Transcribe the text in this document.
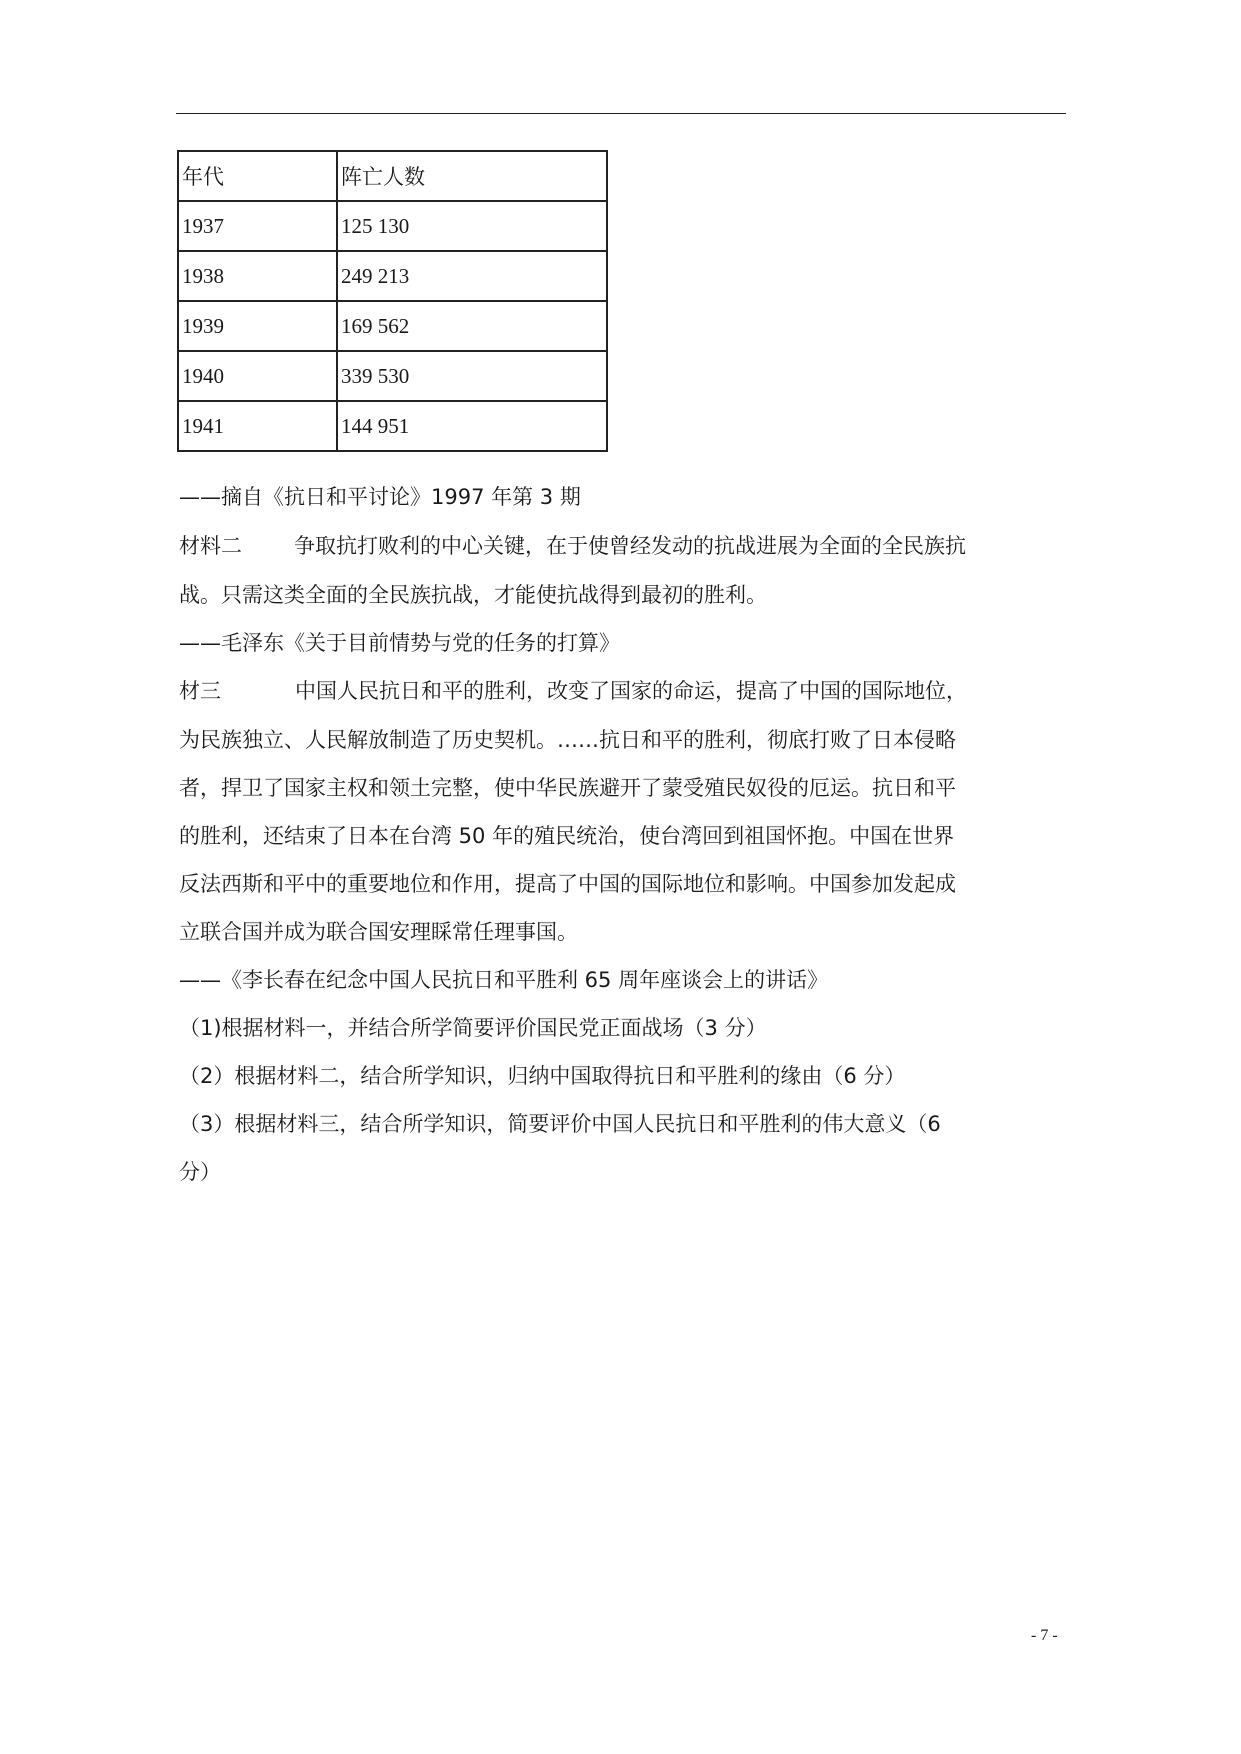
年代	阵亡人数
1937	125 130
1938	249 213
1939	169 562
1940	339 530
1941	144 951
——摘自《抗日和平讨论》1997 年第 3 期
材料二 争取抗打败利的中心关键，在于使曾经发动的抗战进展为全面的全民族抗
战。只需这类全面的全民族抗战，才能使抗战得到最初的胜利。
——毛泽东《关于目前情势与党的任务的打算》
材三	中国人民抗日和平的胜利，改变了国家的命运，提高了中国的国际地位，
为民族独立、人民解放制造了历史契机。……抗日和平的胜利，彻底打败了日本侵略
者，捍卫了国家主权和领土完整，使中华民族避开了蒙受殖民奴役的厄运。抗日和平
的胜利，还结束了日本在台湾 50 年的殖民统治，使台湾回到祖国怀抱。中国在世界
反法西斯和平中的重要地位和作用，提高了中国的国际地位和影响。中国参加发起成
立联合国并成为联合国安理睬常任理事国。
——《李长春在纪念中国人民抗日和平胜利 65 周年座谈会上的讲话》
（1)根据材料一，并结合所学简要评价国民党正面战场（3 分）
（2）根据材料二，结合所学知识，归纳中国取得抗日和平胜利的缘由（6 分）
（3）根据材料三，结合所学知识，简要评价中国人民抗日和平胜利的伟大意义（6
分）
- 7 -
